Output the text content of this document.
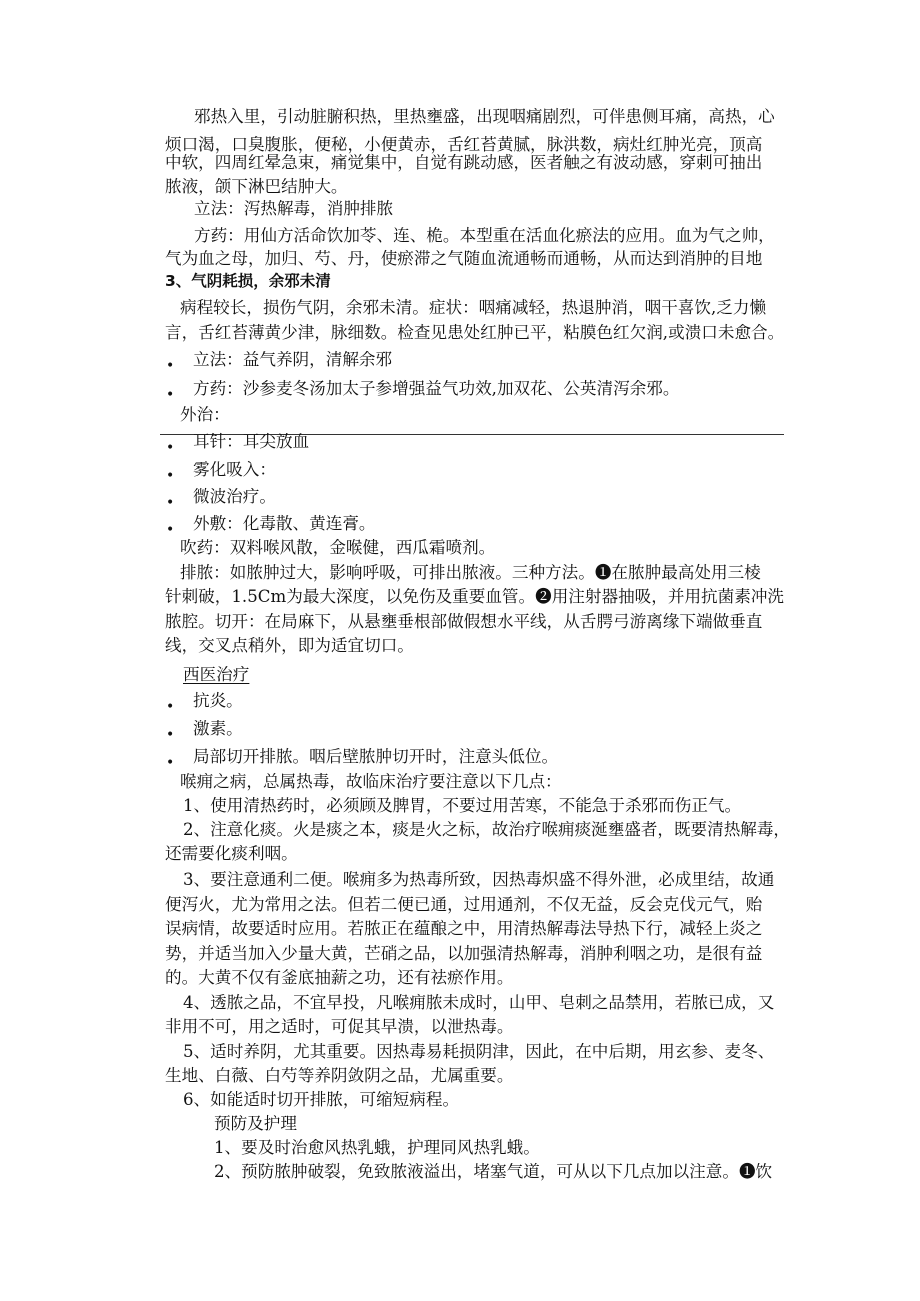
邪热入里，引动脏腑积热，里热壅盛，出现咽痛剧烈，可伴患侧耳痛，高热，心
烦口渴，口臭腹胀，便秘，小便黄赤，舌红苔黄腻，脉洪数，病灶红肿光亮，顶高
中软，四周红晕急束，痛觉集中，自觉有跳动感，医者触之有波动感，穿刺可抽出
脓液，颌下淋巴结肿大。
立法：泻热解毒，消肿排脓
方药：用仙方活命饮加苓、连、桅。本型重在活血化瘀法的应用。血为气之帅，
气为血之母，加归、芍、丹，使瘀滞之气随血流通畅而通畅，从而达到消肿的目地
3、气阴耗损，余邪未清
病程较长，损伤气阴，余邪未清。症状：咽痛减轻，热退肿消，咽干喜饮,乏力懒
言，舌红苔薄黄少津，脉细数。检查见患处红肿已平，粘膜色红欠润,或溃口未愈合。
立法：益气养阴，清解余邪
方药：沙参麦冬汤加太子参增强益气功效,加双花、公英清泻余邪。
外治：
耳针：耳尖放血
雾化吸入：
微波治疗。
外敷：化毒散、黄连膏。
吹药：双料喉风散，金喉健，西瓜霜喷剂。
排脓：如脓肿过大，影响呼吸，可排出脓液。三种方法。❶在脓肿最高处用三棱
针刺破，1.5Cm为最大深度，以免伤及重要血管。❷用注射器抽吸，并用抗菌素冲洗
脓腔。切开：在局麻下，从悬壅垂根部做假想水平线，从舌腭弓游离缘下端做垂直
线，交叉点稍外，即为适宜切口。
西医治疗
抗炎。
激素。
局部切开排脓。咽后壁脓肿切开时，注意头低位。
喉痈之病，总属热毒，故临床治疗要注意以下几点：
1、使用清热药时，必须顾及脾胃，不要过用苦寒，不能急于杀邪而伤正气。
2、注意化痰。火是痰之本，痰是火之标，故治疗喉痈痰涎壅盛者，既要清热解毒，
还需要化痰利咽。
3、要注意通利二便。喉痈多为热毒所致，因热毒炽盛不得外泄，必成里结，故通
便泻火，尤为常用之法。但若二便已通，过用通剂，不仅无益，反会克伐元气，贻
误病情，故要适时应用。若脓正在蕴酿之中，用清热解毒法导热下行，减轻上炎之
势，并适当加入少量大黄，芒硝之品，以加强清热解毒，消肿利咽之功，是很有益
的。大黄不仅有釜底抽薪之功，还有祛瘀作用。
4、透脓之品，不宜早投，凡喉痈脓未成时，山甲、皂刺之品禁用，若脓已成，又
非用不可，用之适时，可促其早溃，以泄热毒。
5、适时养阴，尤其重要。因热毒易耗损阴津，因此，在中后期，用玄参、麦冬、
生地、白薇、白芍等养阴敛阴之品，尤属重要。
6、如能适时切开排脓，可缩短病程。
预防及护理
1、要及时治愈风热乳蛾，护理同风热乳蛾。
2、预防脓肿破裂，免致脓液溢出，堵塞气道，可从以下几点加以注意。❶饮
•
•
•
•
•
•
•
•
•
